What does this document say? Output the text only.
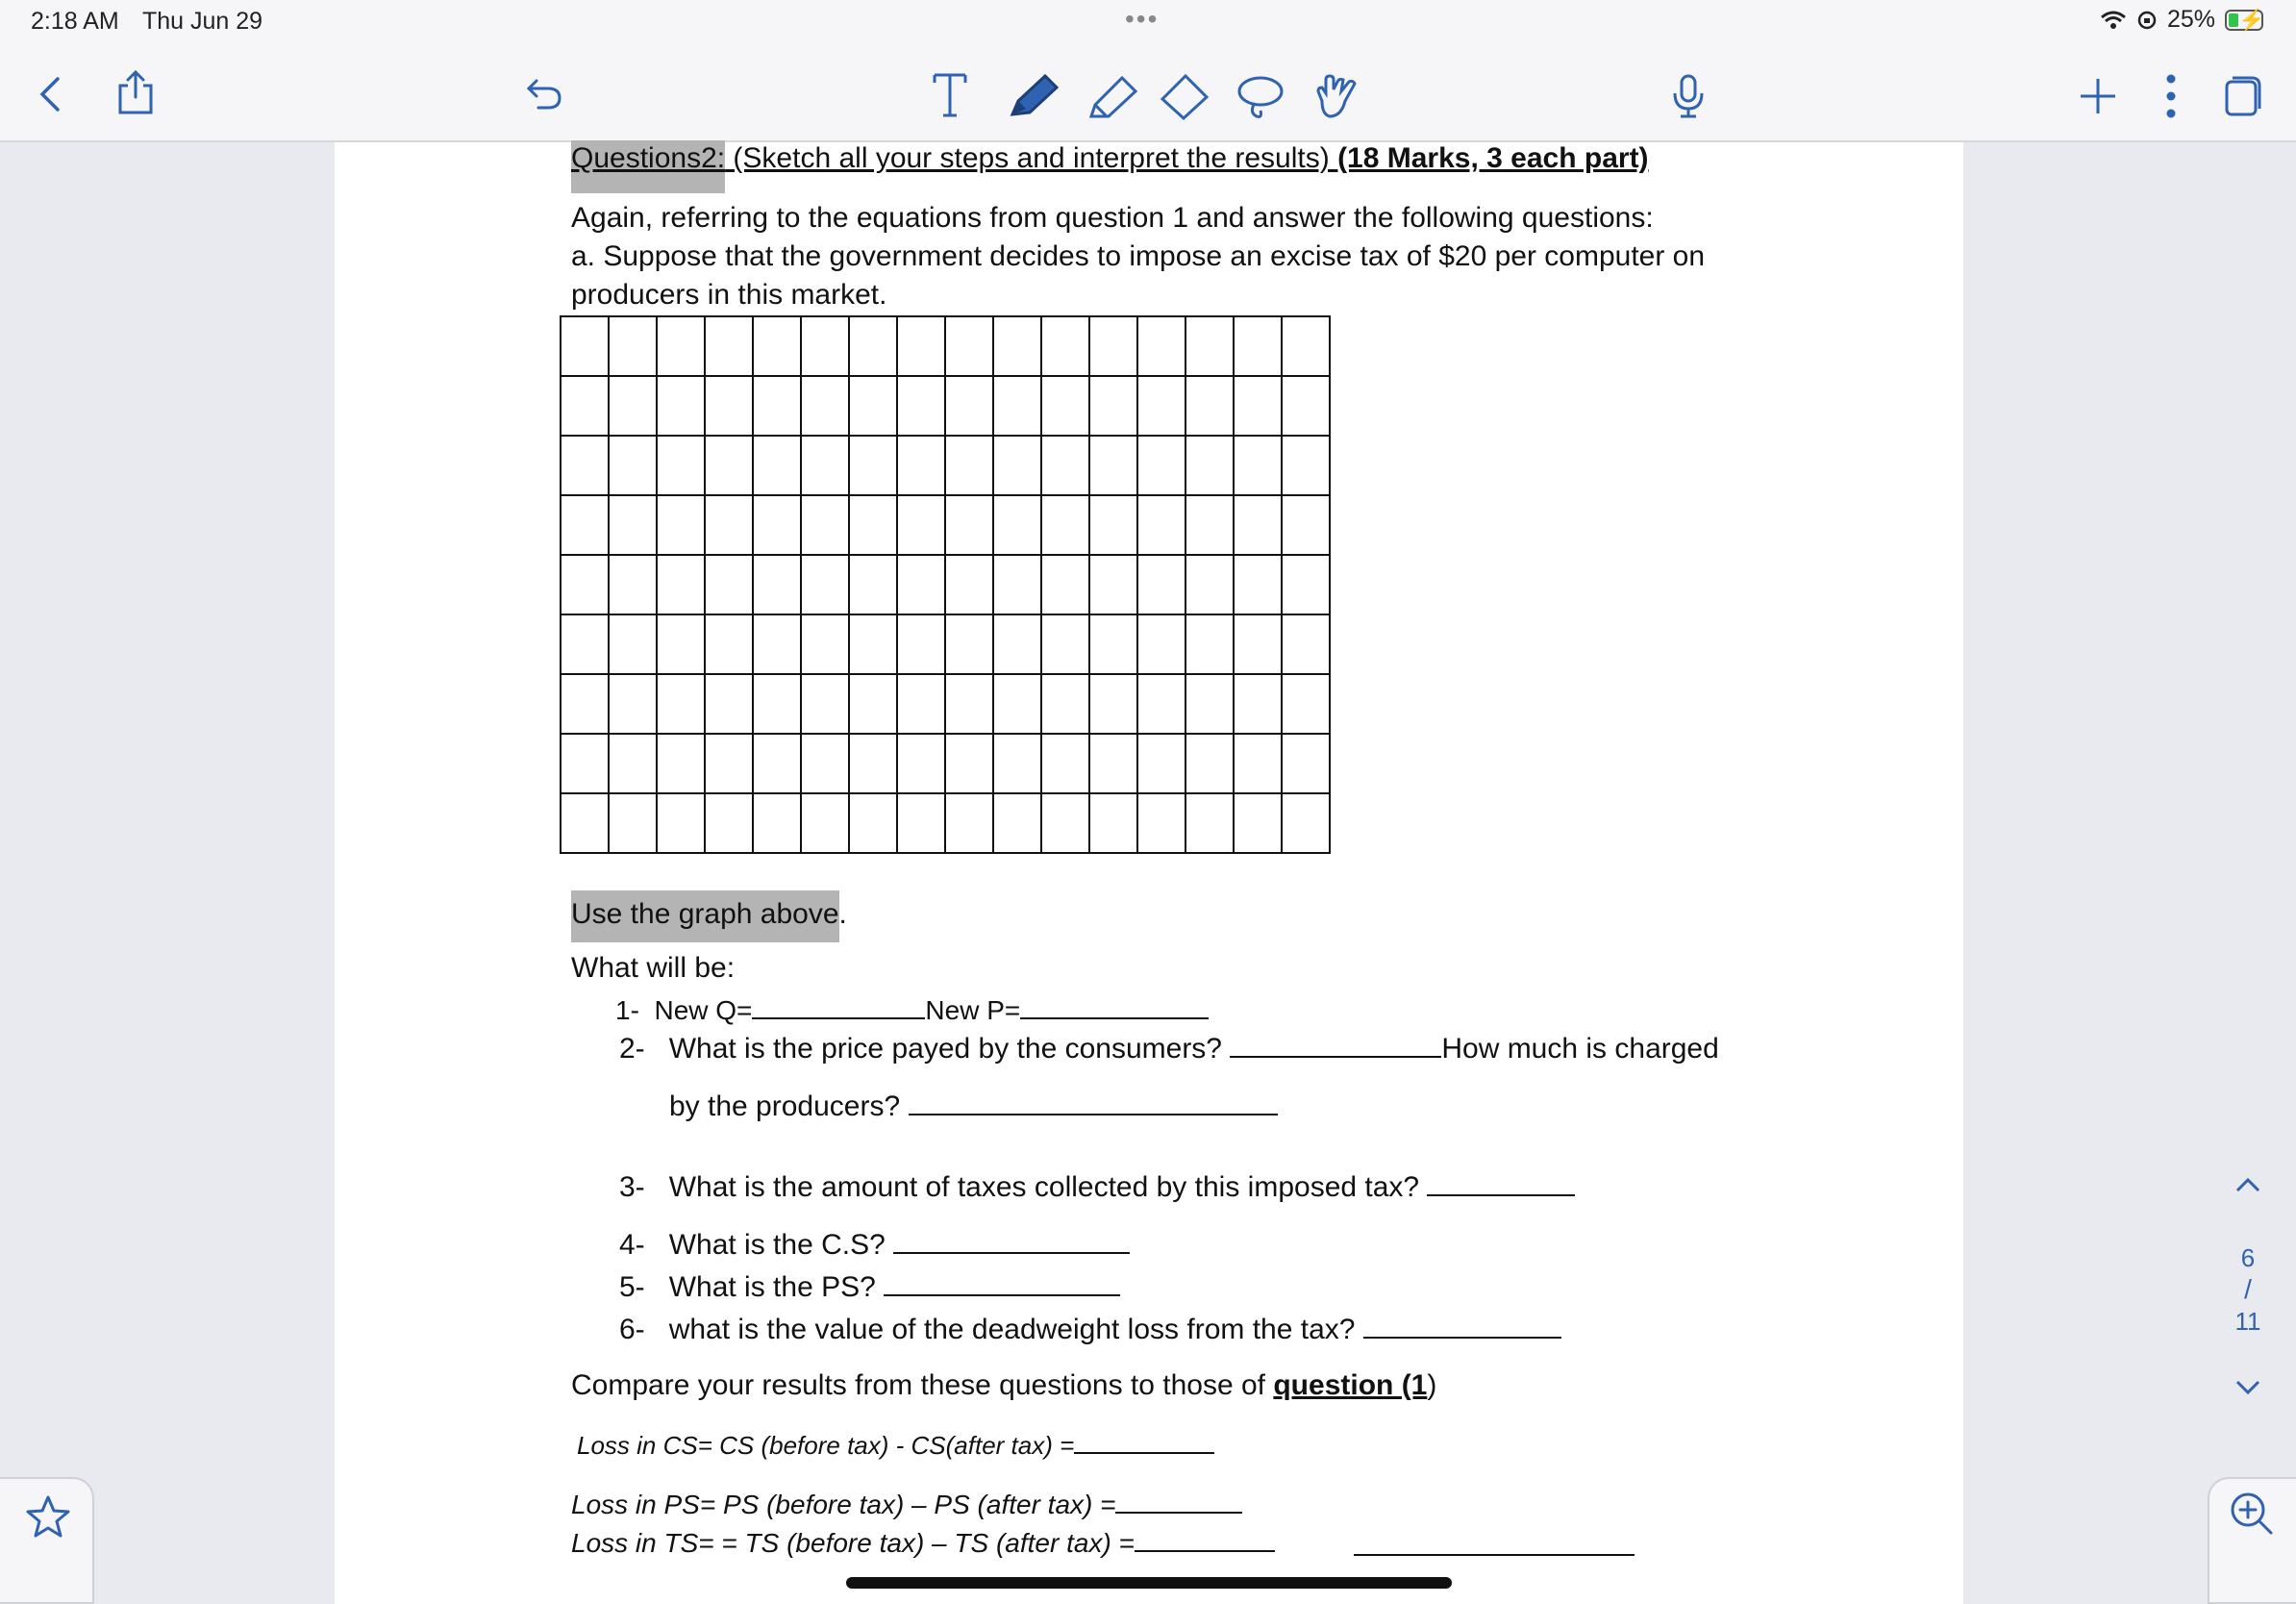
2:18 AM Thu Jun 29	•••	25% ⚡
Questions2: (Sketch all your steps and interpret the results) (18 Marks, 3 each part)
Again, referring to the equations from question 1 and answer the following questions:
a. Suppose that the government decides to impose an excise tax of $20 per computer on
producers in this market.

Use the graph above.
What will be:
1- New Q=	New P=
2- What is the price payed by the consumers?	How much is charged
by the producers?
3- What is the amount of taxes collected by this imposed tax?
4- What is the C.S?
5- What is the PS?
6- what is the value of the deadweight loss from the tax?
Compare your results from these questions to those of question (1)
Loss in CS= CS (before tax) - CS(after tax) =
Loss in PS= PS (before tax) – PS (after tax) =
Loss in TS= = TS (before tax) – TS (after tax) =
6
/
11
